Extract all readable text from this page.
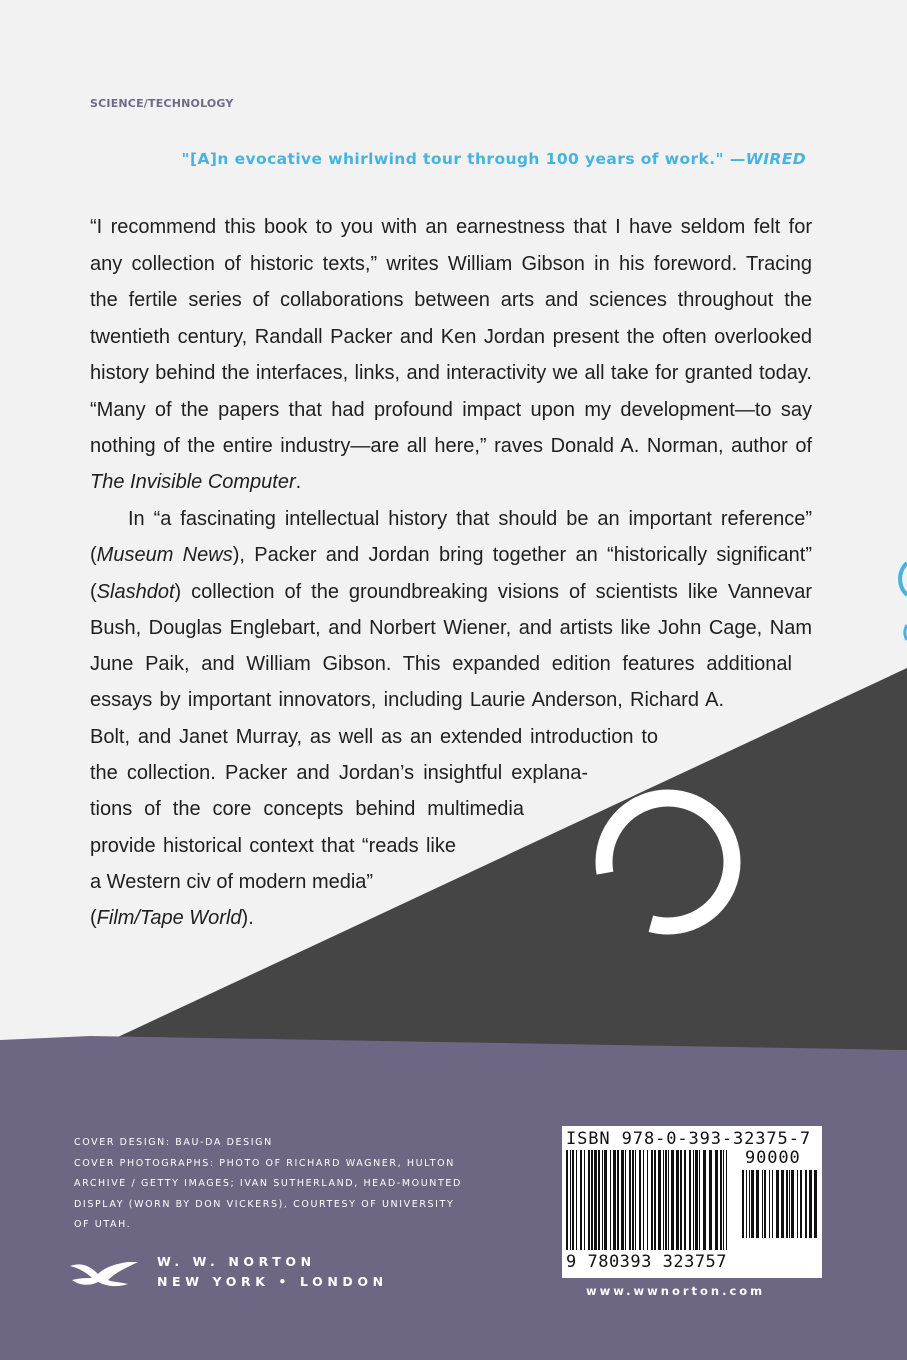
SCIENCE/TECHNOLOGY
"[A]n evocative whirlwind tour through 100 years of work." —WIRED
“I recommend this book to you with an earnestness that I have seldom felt for
any collection of historic texts,” writes William Gibson in his foreword. Tracing
the fertile series of collaborations between arts and sciences throughout the
twentieth century, Randall Packer and Ken Jordan present the often overlooked
history behind the interfaces, links, and interactivity we all take for granted today.
“Many of the papers that had profound impact upon my development—to say
nothing of the entire industry—are all here,” raves Donald A. Norman, author of
The Invisible Computer.
In “a fascinating intellectual history that should be an important reference”
(Museum News), Packer and Jordan bring together an “historically significant”
(Slashdot) collection of the groundbreaking visions of scientists like Vannevar
Bush, Douglas Englebart, and Norbert Wiener, and artists like John Cage, Nam
June Paik, and William Gibson. This expanded edition features additional
essays by important innovators, including Laurie Anderson, Richard A.
Bolt, and Janet Murray, as well as an extended introduction to
the collection. Packer and Jordan’s insightful explana-
tions of the core concepts behind multimedia
provide historical context that “reads like
a Western civ of modern media”
(Film/Tape World).
COVER DESIGN: BAU-DA DESIGN
COVER PHOTOGRAPHS: PHOTO OF RICHARD WAGNER, HULTON
ARCHIVE / GETTY IMAGES; IVAN SUTHERLAND, HEAD-MOUNTED
DISPLAY (WORN BY DON VICKERS), COURTESY OF UNIVERSITY
OF UTAH.
W. W. NORTON
NEW YORK • LONDON
ISBN 978-0-393-32375-7
90000
9 780393 323757
www.wwnorton.com
